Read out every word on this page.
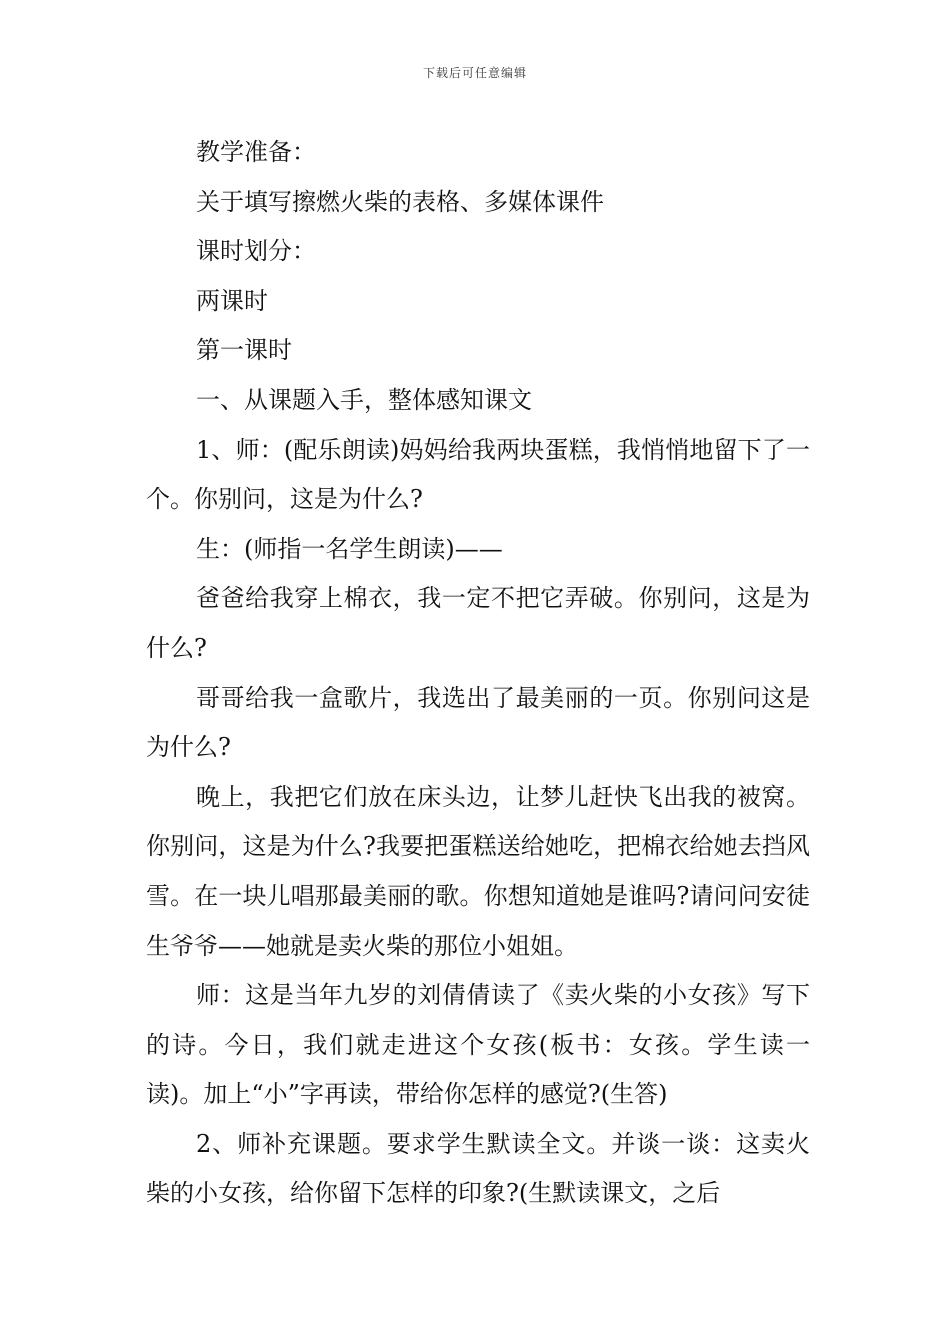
下载后可任意编辑

教学准备：

关于填写擦燃火柴的表格、多媒体课件

课时划分：

两课时

第一课时

一、从课题入手，整体感知课文

1、师：(配乐朗读)妈妈给我两块蛋糕，我悄悄地留下了一个。你别问，这是为什么?

生：(师指一名学生朗读)——

爸爸给我穿上棉衣，我一定不把它弄破。你别问，这是为什么?

哥哥给我一盒歌片，我选出了最美丽的一页。你别问这是为什么?

晚上，我把它们放在床头边，让梦儿赶快飞出我的被窝。你别问，这是为什么?我要把蛋糕送给她吃，把棉衣给她去挡风雪。在一块儿唱那最美丽的歌。你想知道她是谁吗?请问问安徒生爷爷——她就是卖火柴的那位小姐姐。

师：这是当年九岁的刘倩倩读了《卖火柴的小女孩》写下的诗。今日，我们就走进这个女孩(板书：女孩。学生读一读)。加上“小”字再读，带给你怎样的感觉?(生答)

2、师补充课题。要求学生默读全文。并谈一谈：这卖火柴的小女孩，给你留下怎样的印象?(生默读课文，之后
